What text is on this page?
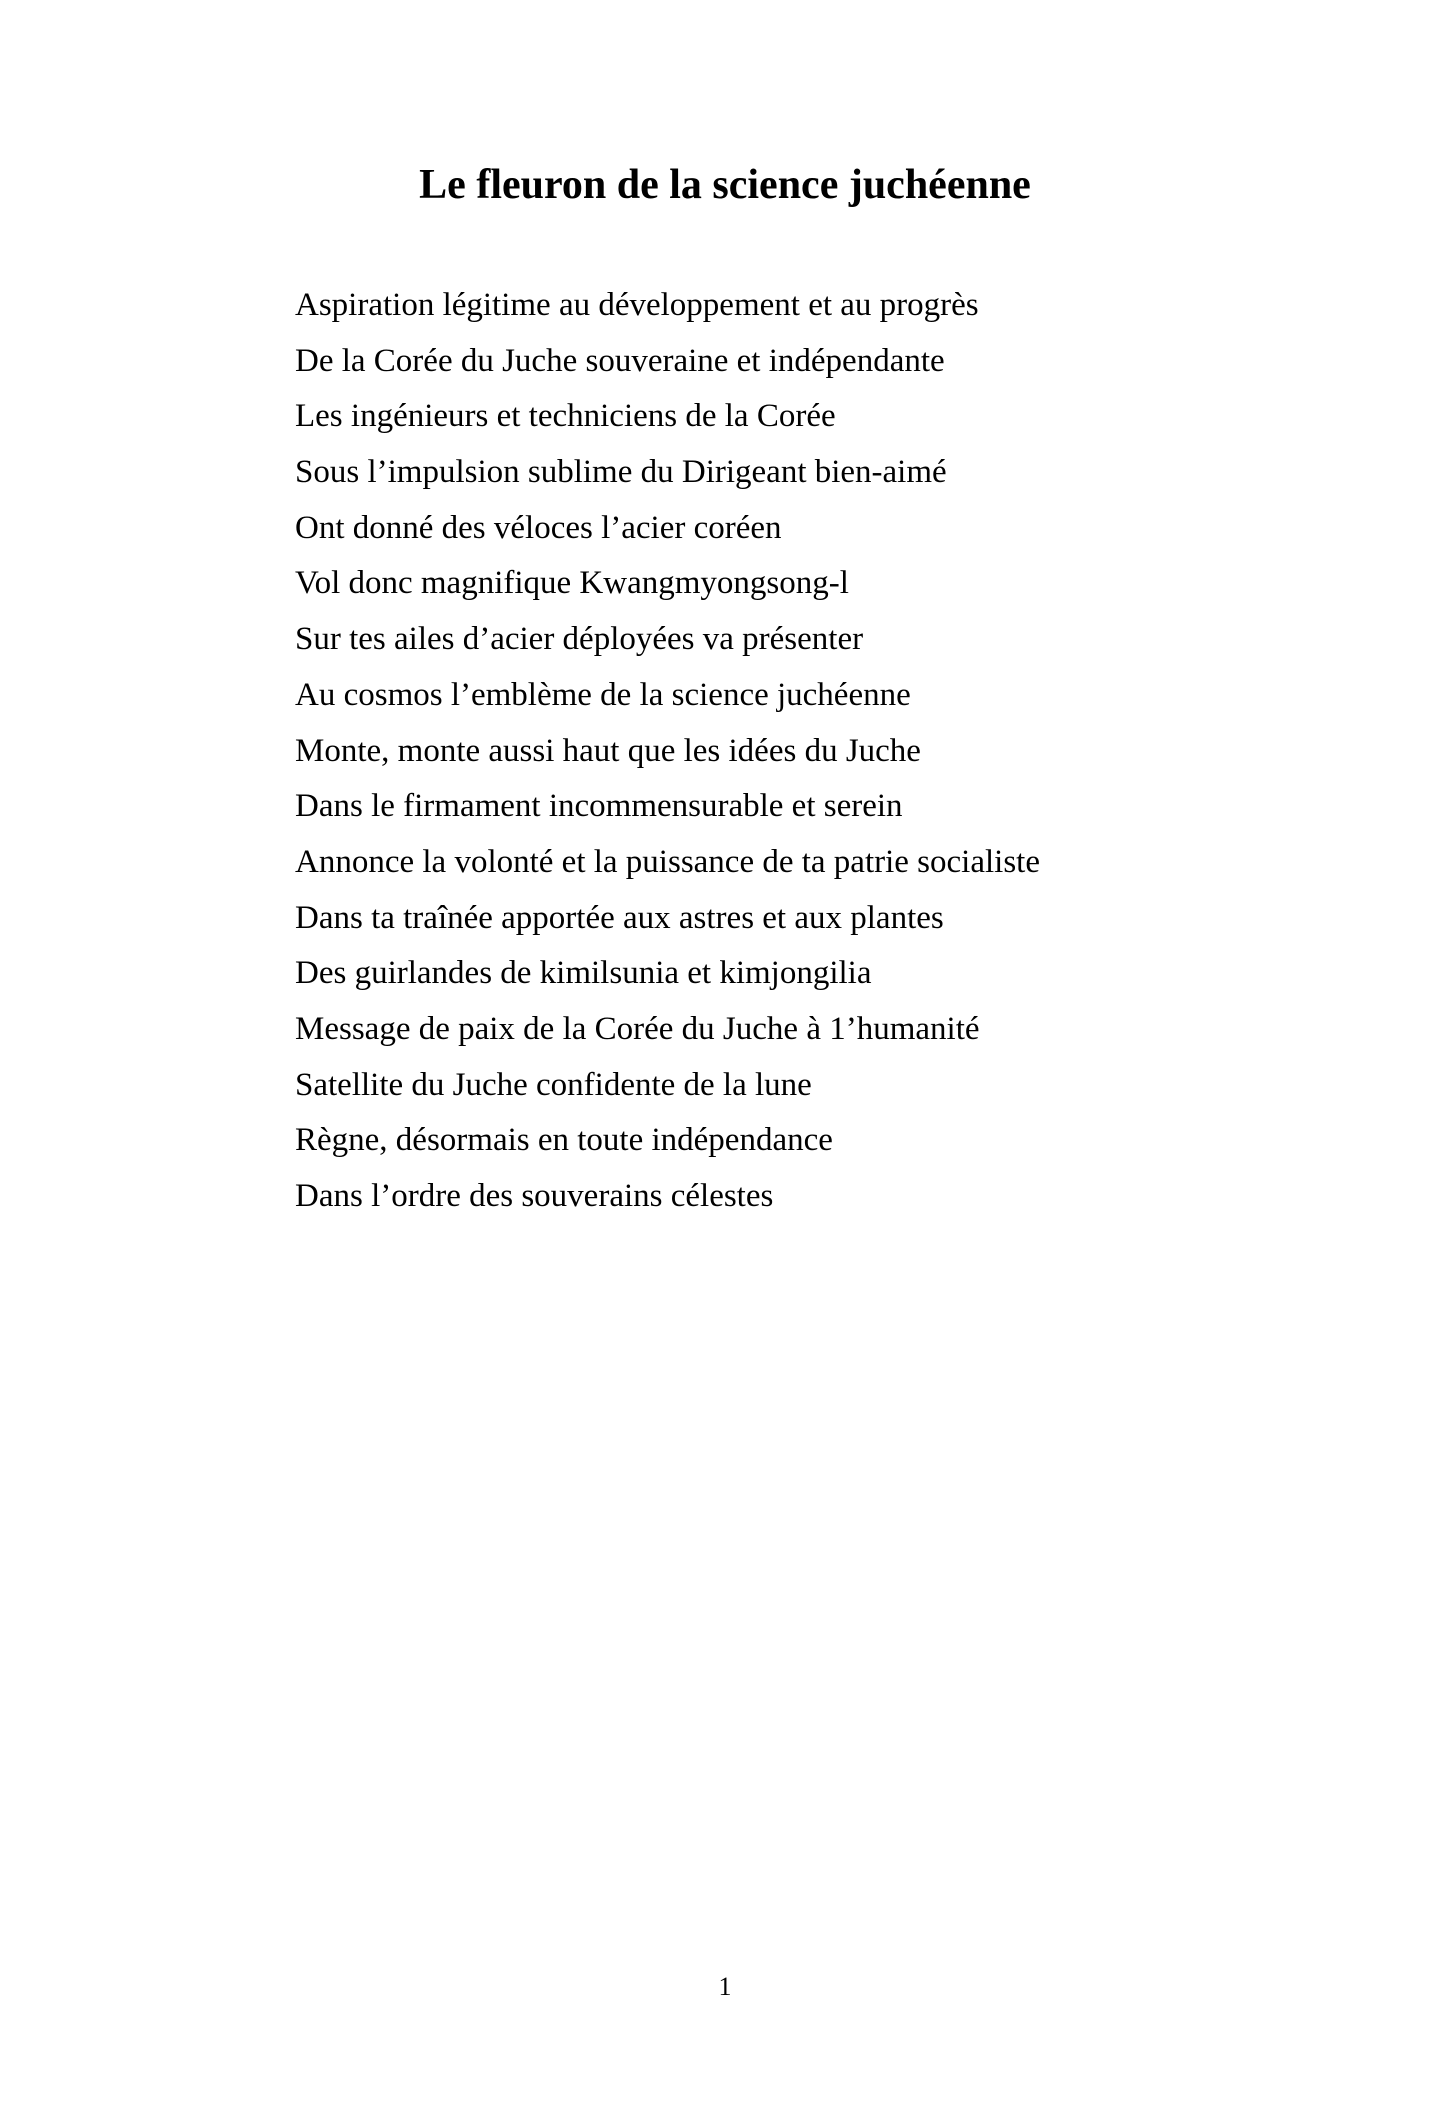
Le fleuron de la science juchéenne
Aspiration légitime au développement et au progrès
De la Corée du Juche souveraine et indépendante
Les ingénieurs et techniciens de la Corée
Sous l’impulsion sublime du Dirigeant bien-aimé
Ont donné des véloces l’acier coréen
Vol donc magnifique Kwangmyongsong-l
Sur tes ailes d’acier déployées va présenter
Au cosmos l’emblème de la science juchéenne
Monte, monte aussi haut que les idées du Juche
Dans le firmament incommensurable et serein
Annonce la volonté et la puissance de ta patrie socialiste
Dans ta traînée apportée aux astres et aux plantes
Des guirlandes de kimilsunia et kimjongilia
Message de paix de la Corée du Juche à 1’humanité
Satellite du Juche confidente de la lune
Règne, désormais en toute indépendance
Dans l’ordre des souverains célestes
1
